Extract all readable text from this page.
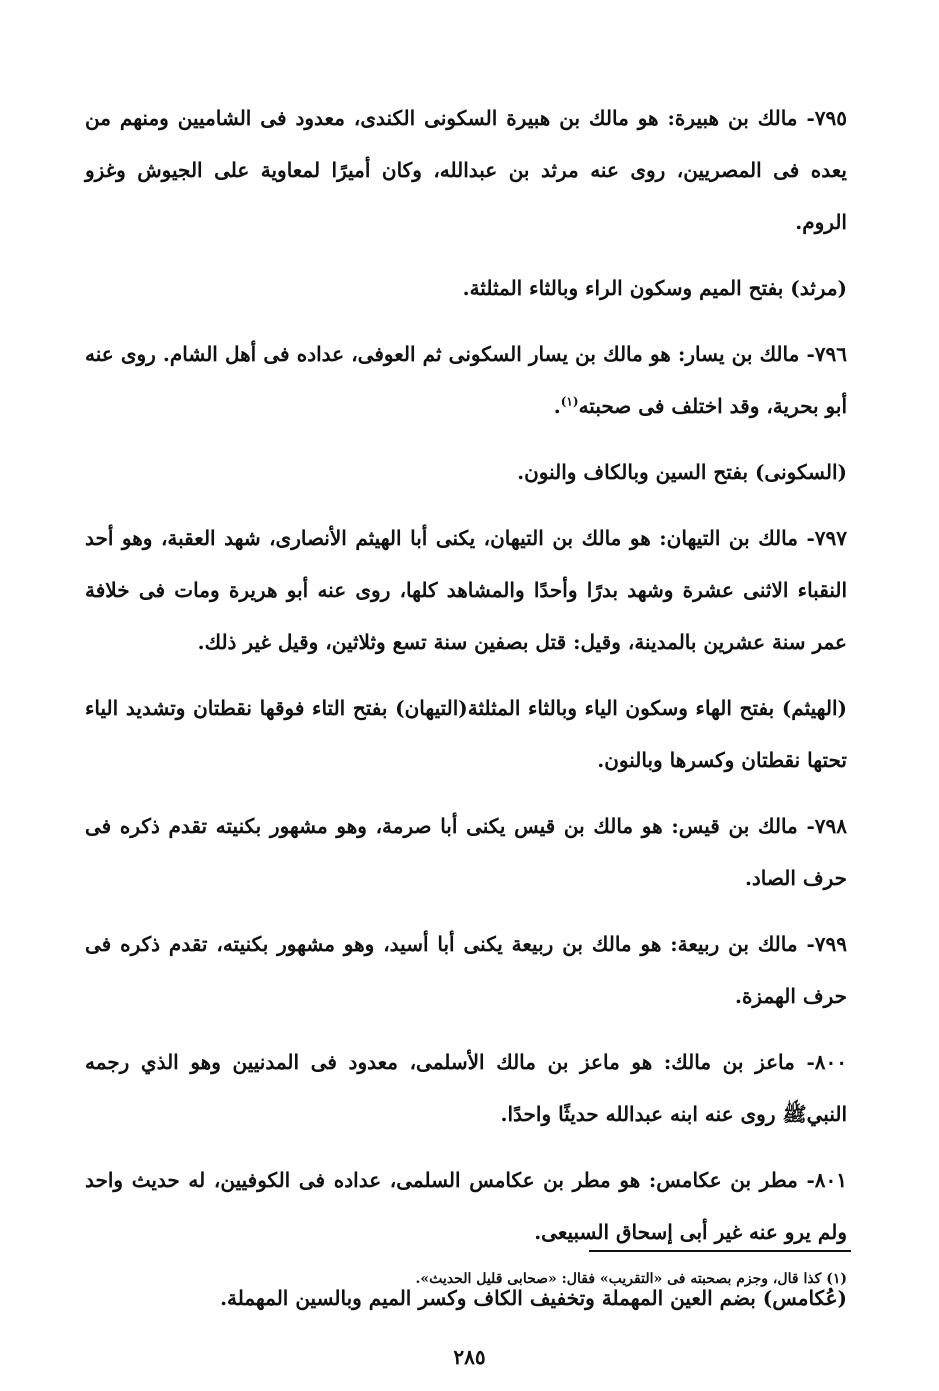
٧٩٥- مالك بن هبيرة: هو مالك بن هبيرة السكونى الكندى، معدود فى الشاميين ومنهم من يعده فى المصريين، روى عنه مرثد بن عبدالله، وكان أميرًا لمعاوية على الجيوش وغزو الروم.

(مرثد) بفتح الميم وسكون الراء وبالثاء المثلثة.

٧٩٦- مالك بن يسار: هو مالك بن يسار السكونى ثم العوفى، عداده فى أهل الشام. روى عنه أبو بحرية، وقد اختلف فى صحبته$^{(١)}$.

(السكونى) بفتح السين وبالكاف والنون.

٧٩٧- مالك بن التيهان: هو مالك بن التيهان، يكنى أبا الهيثم الأنصارى، شهد العقبة، وهو أحد النقباء الاثنى عشرة وشهد بدرًا وأحدًا والمشاهد كلها، روى عنه أبو هريرة ومات فى خلافة عمر سنة عشرين بالمدينة، وقيل: قتل بصفين سنة تسع وثلاثين، وقيل غير ذلك.

(الهيثم) بفتح الهاء وسكون الياء وبالثاء المثلثة(التيهان) بفتح التاء فوقها نقطتان وتشديد الياء تحتها نقطتان وكسرها وبالنون.

٧٩٨- مالك بن قيس: هو مالك بن قيس يكنى أبا صرمة، وهو مشهور بكنيته تقدم ذكره فى حرف الصاد.

٧٩٩- مالك بن ربيعة: هو مالك بن ربيعة يكنى أبا أسيد، وهو مشهور بكنيته، تقدم ذكره فى حرف الهمزة.

٨٠٠- ماعز بن مالك: هو ماعز بن مالك الأسلمى، معدود فى المدنيين وهو الذي رجمه النبيﷺ روى عنه ابنه عبدالله حديثًا واحدًا.

٨٠١- مطر بن عكامس: هو مطر بن عكامس السلمى، عداده فى الكوفيين، له حديث واحد ولم يرو عنه غير أبى إسحاق السبيعى.

(عُكامس) بضم العين المهملة وتخفيف الكاف وكسر الميم وبالسين المهملة.

(١) كذا قال، وجزم بصحبته فى «التقريب» فقال: «صحابى قليل الحديث».

٢٨٥
